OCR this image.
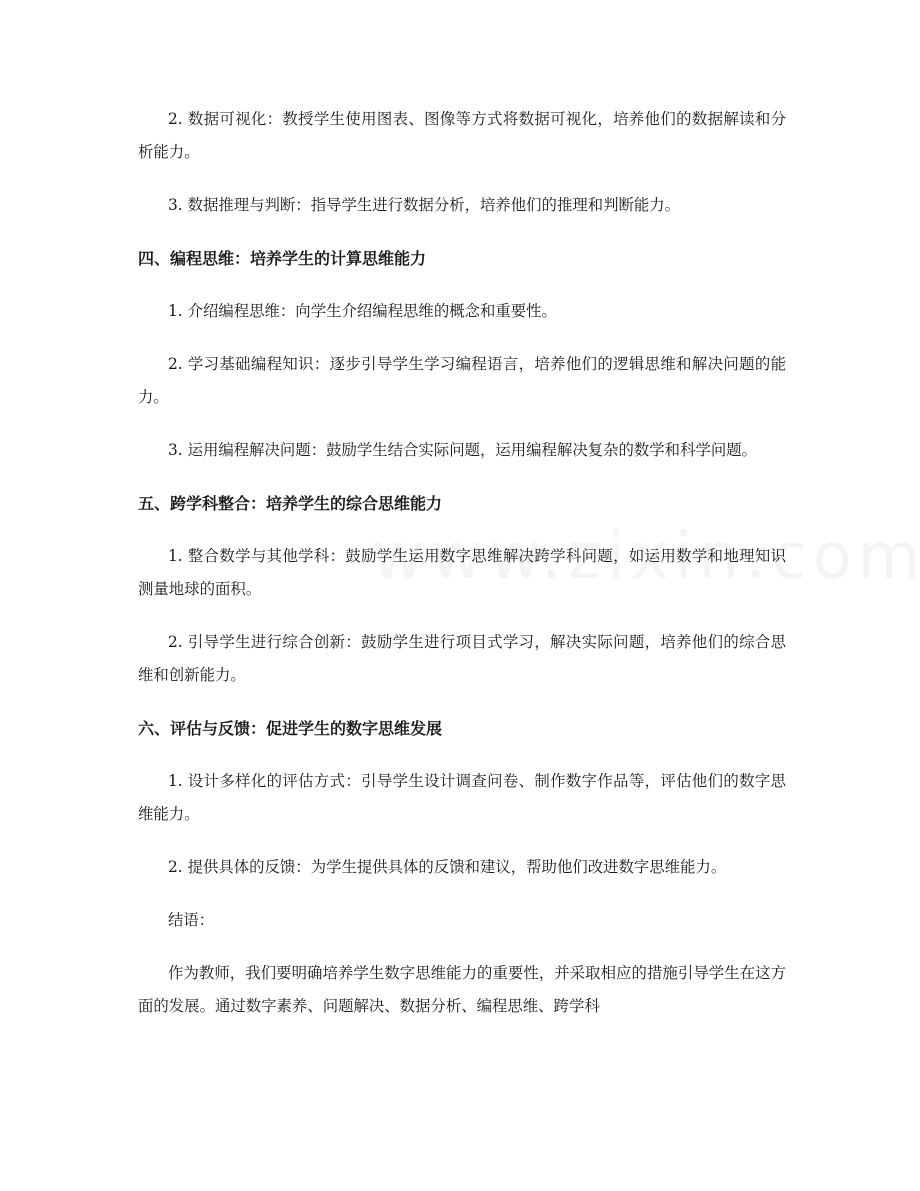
2. 数据可视化：教授学生使用图表、图像等方式将数据可视化，培养他们的数据解读和分析能力。

3. 数据推理与判断：指导学生进行数据分析，培养他们的推理和判断能力。

四、编程思维：培养学生的计算思维能力

1. 介绍编程思维：向学生介绍编程思维的概念和重要性。

2. 学习基础编程知识：逐步引导学生学习编程语言，培养他们的逻辑思维和解决问题的能力。

3. 运用编程解决问题：鼓励学生结合实际问题，运用编程解决复杂的数学和科学问题。

五、跨学科整合：培养学生的综合思维能力

1. 整合数学与其他学科：鼓励学生运用数字思维解决跨学科问题，如运用数学和地理知识测量地球的面积。

2. 引导学生进行综合创新：鼓励学生进行项目式学习，解决实际问题，培养他们的综合思维和创新能力。

六、评估与反馈：促进学生的数字思维发展

1. 设计多样化的评估方式：引导学生设计调查问卷、制作数字作品等，评估他们的数字思维能力。

2. 提供具体的反馈：为学生提供具体的反馈和建议，帮助他们改进数字思维能力。

结语：

作为教师，我们要明确培养学生数字思维能力的重要性，并采取相应的措施引导学生在这方面的发展。通过数字素养、问题解决、数据分析、编程思维、跨学科
